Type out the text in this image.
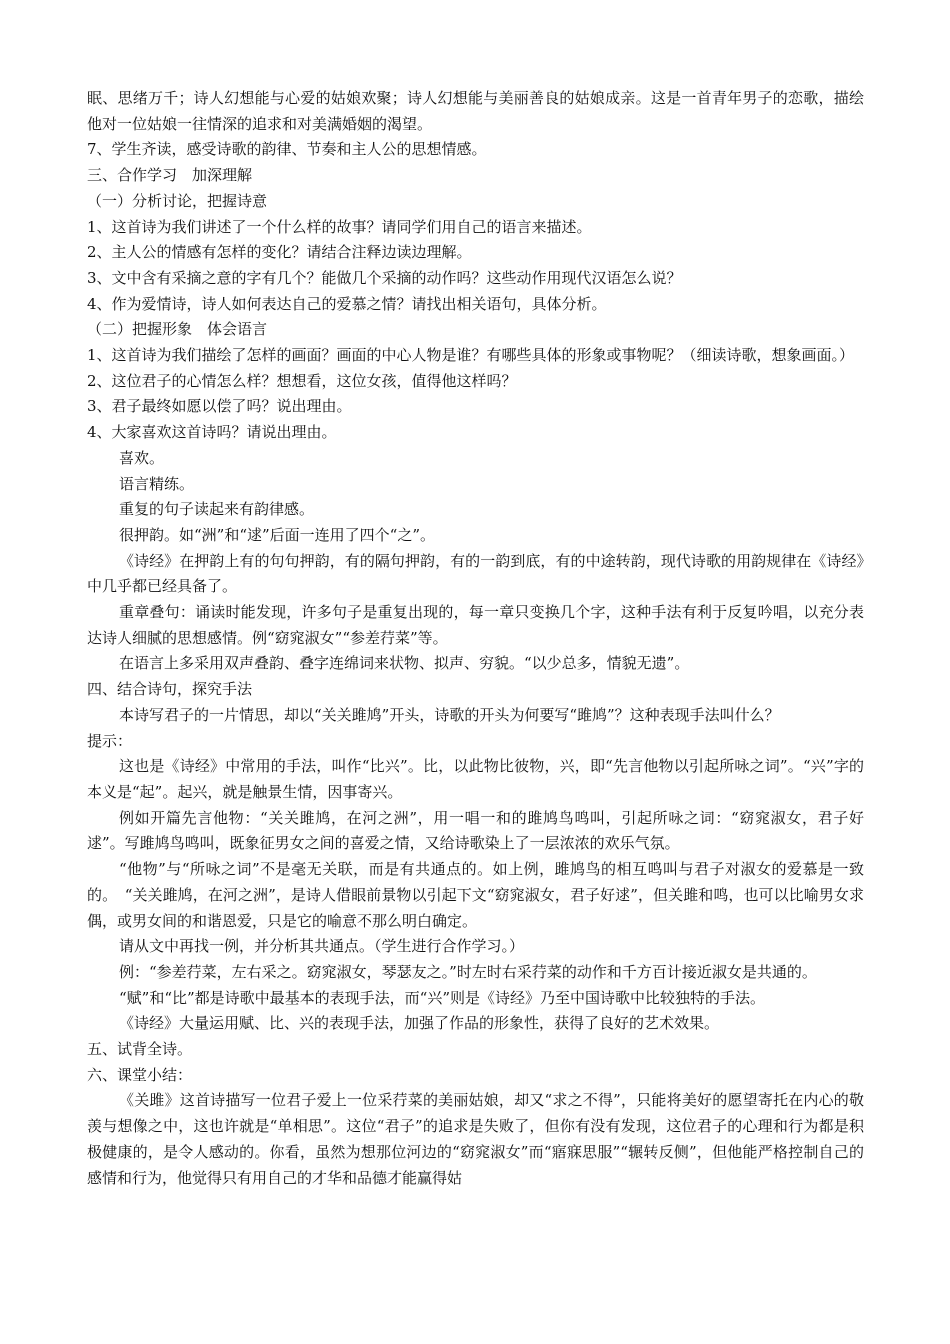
眠、思绪万千；诗人幻想能与心爱的姑娘欢聚；诗人幻想能与美丽善良的姑娘成亲。这是一首青年男子的恋歌，描绘他对一位姑娘一往情深的追求和对美满婚姻的渴望。

7、学生齐读，感受诗歌的韵律、节奏和主人公的思想情感。

三、合作学习　加深理解

（一）分析讨论，把握诗意

1、这首诗为我们讲述了一个什么样的故事？请同学们用自己的语言来描述。

2、主人公的情感有怎样的变化？请结合注释边读边理解。

3、文中含有采摘之意的字有几个？能做几个采摘的动作吗？这些动作用现代汉语怎么说？

4、作为爱情诗，诗人如何表达自己的爱慕之情？请找出相关语句，具体分析。

（二）把握形象　体会语言

1、这首诗为我们描绘了怎样的画面？画面的中心人物是谁？有哪些具体的形象或事物呢？（细读诗歌，想象画面。）

2、这位君子的心情怎么样？想想看，这位女孩，值得他这样吗？

3、君子最终如愿以偿了吗？说出理由。

4、大家喜欢这首诗吗？请说出理由。

喜欢。

语言精练。

重复的句子读起来有韵律感。

很押韵。如“洲”和“逑”后面一连用了四个“之”。

《诗经》在押韵上有的句句押韵，有的隔句押韵，有的一韵到底，有的中途转韵，现代诗歌的用韵规律在《诗经》中几乎都已经具备了。

重章叠句：诵读时能发现，许多句子是重复出现的，每一章只变换几个字，这种手法有利于反复吟唱，以充分表达诗人细腻的思想感情。例“窈窕淑女”“参差荇菜”等。

在语言上多采用双声叠韵、叠字连绵词来状物、拟声、穷貌。“以少总多，情貌无遗”。

四、结合诗句，探究手法

本诗写君子的一片情思，却以“关关雎鸠”开头，诗歌的开头为何要写“雎鸠”？这种表现手法叫什么？

提示：

这也是《诗经》中常用的手法，叫作“比兴”。比，以此物比彼物，兴，即“先言他物以引起所咏之词”。“兴”字的本义是“起”。起兴，就是触景生情，因事寄兴。

例如开篇先言他物：“关关雎鸠，在河之洲”，用一唱一和的雎鸠鸟鸣叫，引起所咏之词：“窈窕淑女，君子好逑”。写雎鸠鸟鸣叫，既象征男女之间的喜爱之情，又给诗歌染上了一层浓浓的欢乐气氛。

“他物”与“所咏之词”不是毫无关联，而是有共通点的。如上例，雎鸠鸟的相互鸣叫与君子对淑女的爱慕是一致的。　“关关雎鸠，在河之洲”，是诗人借眼前景物以引起下文“窈窕淑女，君子好逑”，但关雎和鸣，也可以比喻男女求偶，或男女间的和谐恩爱，只是它的喻意不那么明白确定。

请从文中再找一例，并分析其共通点。（学生进行合作学习。）

例：“参差荇菜，左右采之。窈窕淑女，琴瑟友之。”时左时右采荇菜的动作和千方百计接近淑女是共通的。

“赋”和“比”都是诗歌中最基本的表现手法，而“兴”则是《诗经》乃至中国诗歌中比较独特的手法。

《诗经》大量运用赋、比、兴的表现手法，加强了作品的形象性，获得了良好的艺术效果。

五、试背全诗。

六、课堂小结：

《关雎》这首诗描写一位君子爱上一位采荇菜的美丽姑娘，却又“求之不得”，只能将美好的愿望寄托在内心的敬羡与想像之中，这也许就是“单相思”。这位“君子”的追求是失败了，但你有没有发现，这位君子的心理和行为都是积极健康的，是令人感动的。你看，虽然为想那位河边的“窈窕淑女”而“寤寐思服”“辗转反侧”，但他能严格控制自己的感情和行为，他觉得只有用自己的才华和品德才能赢得姑
